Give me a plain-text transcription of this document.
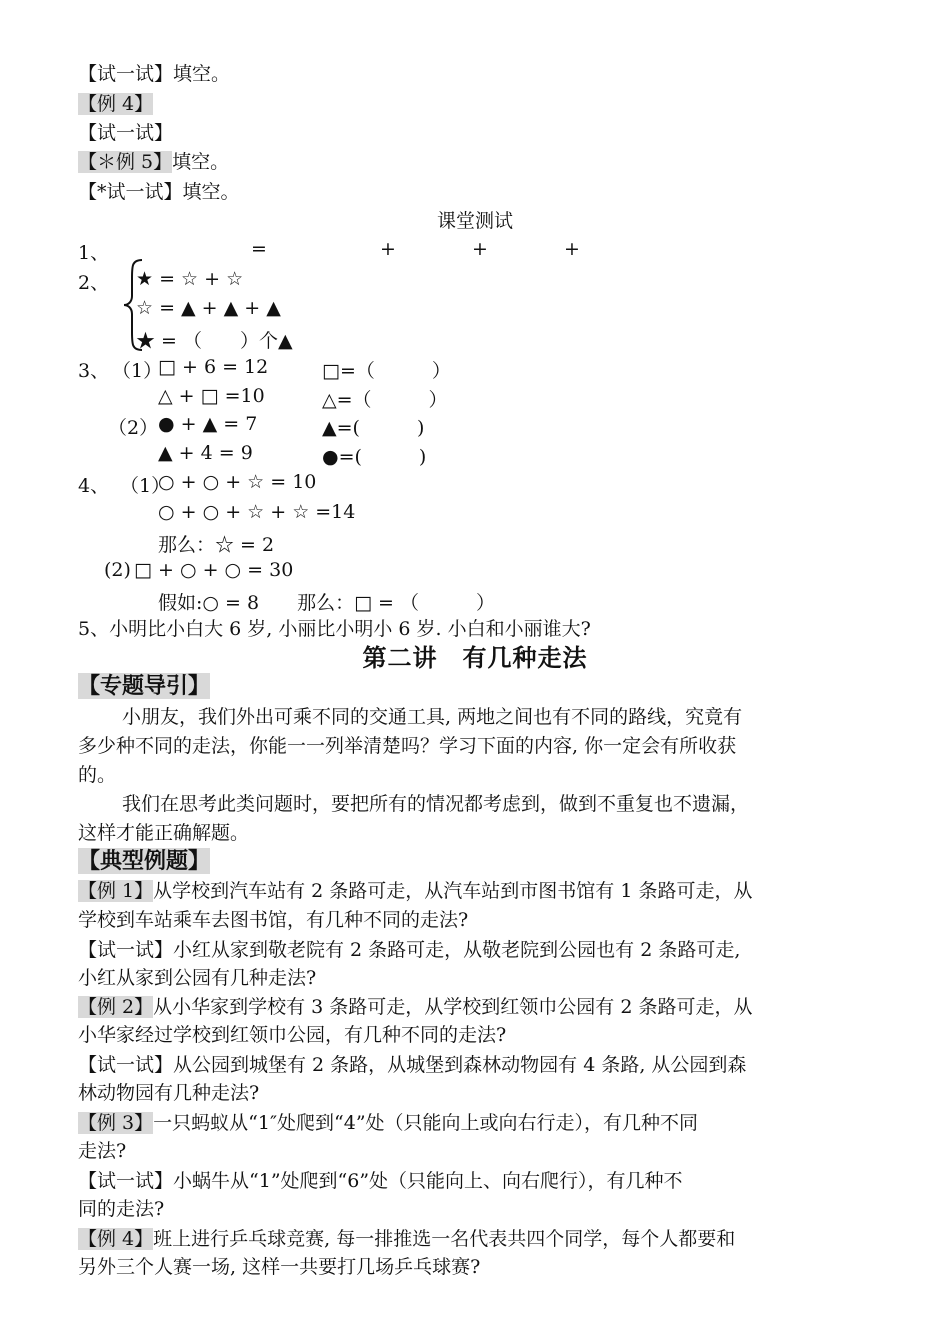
【试一试】填空。
【例 4】
【试一试】
【＊例 5】填空。
【*试一试】填空。
课堂测试
1、	=	+	+	+
2、 ★ = ☆ + ☆
☆ = ▲ + ▲ + ▲
★ = （　　）个▲
3、 （1）
□ + 6 = 12	□=（　　　）
△ + □ =10	△=（　　　）
（2） ● + ▲ = 7	▲=(　　　)
▲ + 4 = 9	●=(　　　)
4、 （1）
○ + ○ + ☆ = 10
○ + ○ + ☆ + ☆ =14
那么：☆ = 2
(2) □ + ○ + ○ = 30
假如:○ = 8　　那么：□ = （　　　）
5、小明比小白大 6 岁, 小丽比小明小 6 岁. 小白和小丽谁大?
第二讲　有几种走法
【专题导引】
小朋友，我们外出可乘不同的交通工具, 两地之间也有不同的路线，究竟有
多少种不同的走法，你能一一列举清楚吗？学习下面的内容, 你一定会有所收获
的。
我们在思考此类问题时，要把所有的情况都考虑到，做到不重复也不遗漏，
这样才能正确解题。
【典型例题】
【例 1】从学校到汽车站有 2 条路可走，从汽车站到市图书馆有 1 条路可走，从
学校到车站乘车去图书馆，有几种不同的走法?
【试一试】小红从家到敬老院有 2 条路可走，从敬老院到公园也有 2 条路可走,
小红从家到公园有几种走法?
【例 2】从小华家到学校有 3 条路可走，从学校到红领巾公园有 2 条路可走，从
小华家经过学校到红领巾公园，有几种不同的走法?
【试一试】从公园到城堡有 2 条路，从城堡到森林动物园有 4 条路, 从公园到森
林动物园有几种走法?
【例 3】一只蚂蚁从“1″处爬到“4”处（只能向上或向右行走），有几种不同
走法?
【试一试】小蜗牛从“1”处爬到“6”处（只能向上、向右爬行），有几种不
同的走法?
【例 4】班上进行乒乓球竞赛, 每一排推选一名代表共四个同学，每个人都要和
另外三个人赛一场, 这样一共要打几场乒乓球赛?
